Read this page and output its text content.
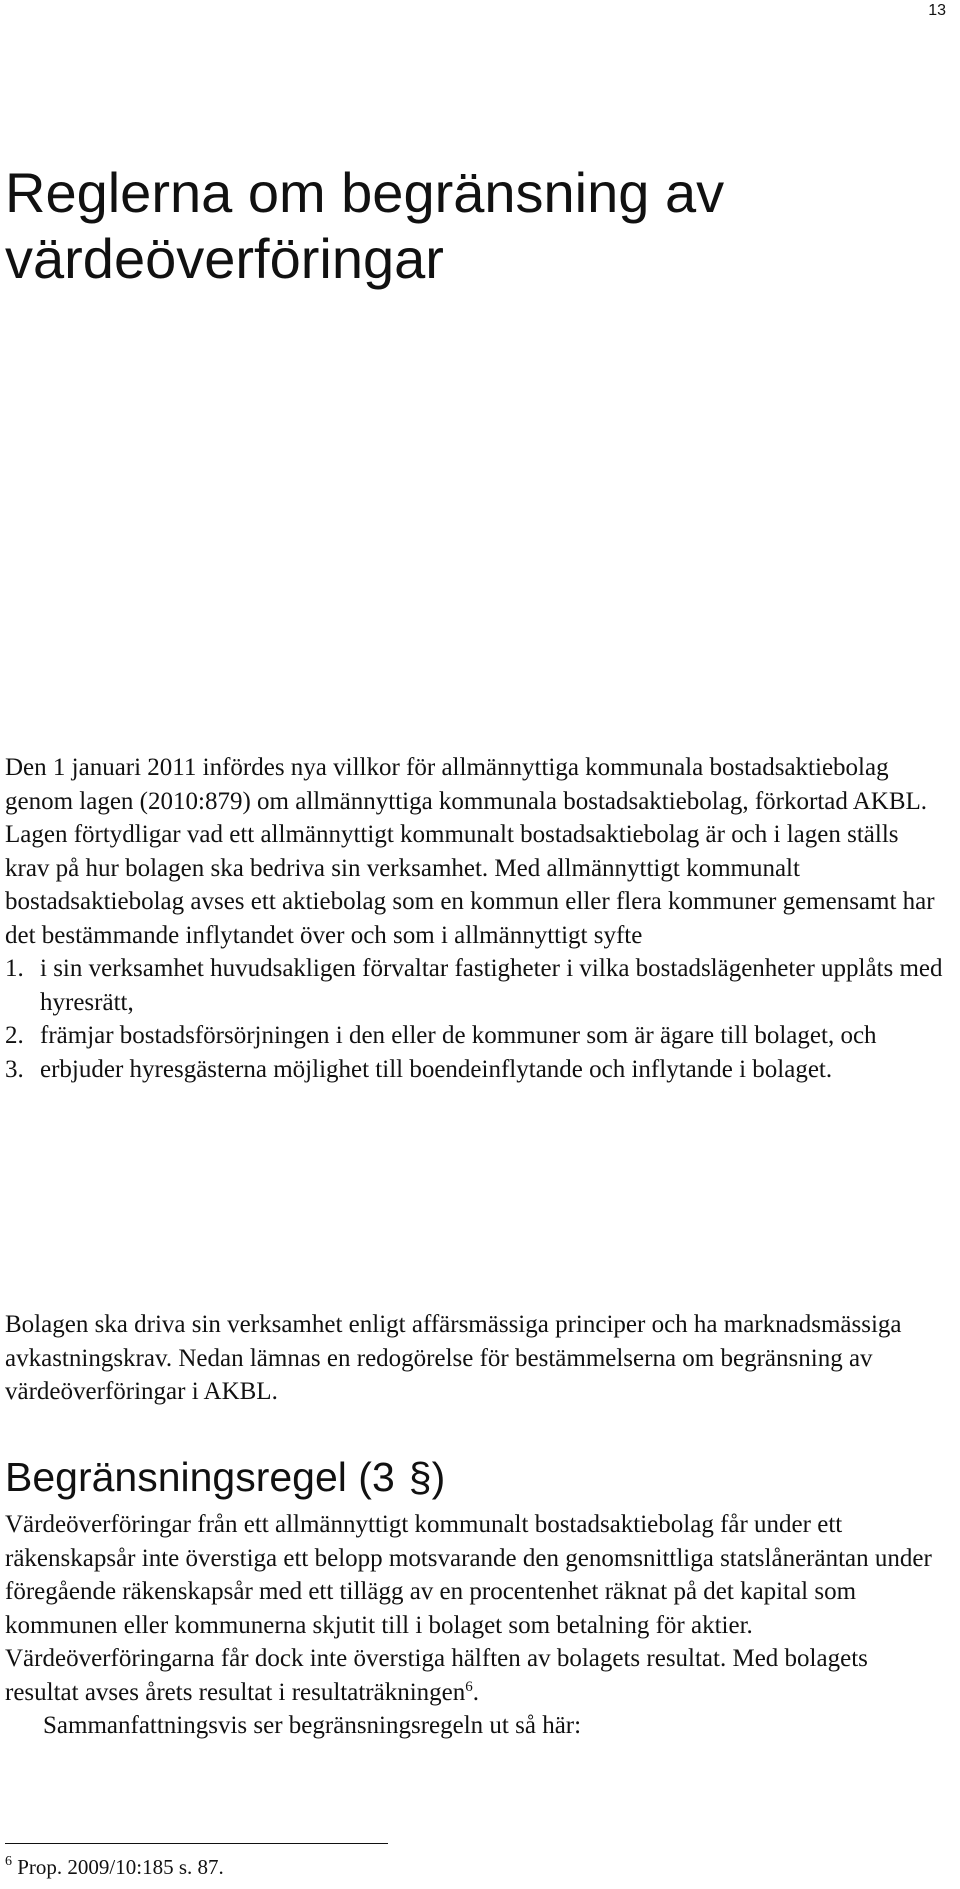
13
Reglerna om begränsning av
värdeöverföringar

Den 1 januari 2011 infördes nya villkor för allmännyttiga kommunala bostadsaktiebolag genom lagen (2010:879) om allmännyttiga kommunala bostadsaktiebolag, förkortad AKBL. Lagen förtydligar vad ett allmännyttigt kommunalt bostadsaktiebolag är och i lagen ställs krav på hur bolagen ska bedriva sin verksamhet. Med allmännyttigt kommunalt bostadsaktiebolag avses ett aktiebolag som en kommun eller flera kommuner gemensamt har det bestämmande inflytandet över och som i allmännyttigt syfte

1. i sin verksamhet huvudsakligen förvaltar fastigheter i vilka bostadslägenheter upplåts med hyresrätt,
2. främjar bostadsförsörjningen i den eller de kommuner som är ägare till bolaget, och
3. erbjuder hyresgästerna möjlighet till boendeinflytande och inflytande i bolaget.

Bolagen ska driva sin verksamhet enligt affärsmässiga principer och ha marknadsmässiga avkastningskrav. Nedan lämnas en redogörelse för bestämmelserna om begränsning av värdeöverföringar i AKBL.

Begränsningsregel (3 §)

Värdeöverföringar från ett allmännyttigt kommunalt bostadsaktiebolag får under ett räkenskapsår inte överstiga ett belopp motsvarande den genomsnittliga statslåneräntan under föregående räkenskapsår med ett tillägg av en procentenhet räknat på det kapital som kommunen eller kommunerna skjutit till i bolaget som betalning för aktier. Värdeöverföringarna får dock inte överstiga hälften av bolagets resultat. Med bolagets resultat avses årets resultat i resultaträkningen$^6$.
Sammanfattningsvis ser begränsningsregeln ut så här:

$^6$ Prop. 2009/10:185 s. 87.
